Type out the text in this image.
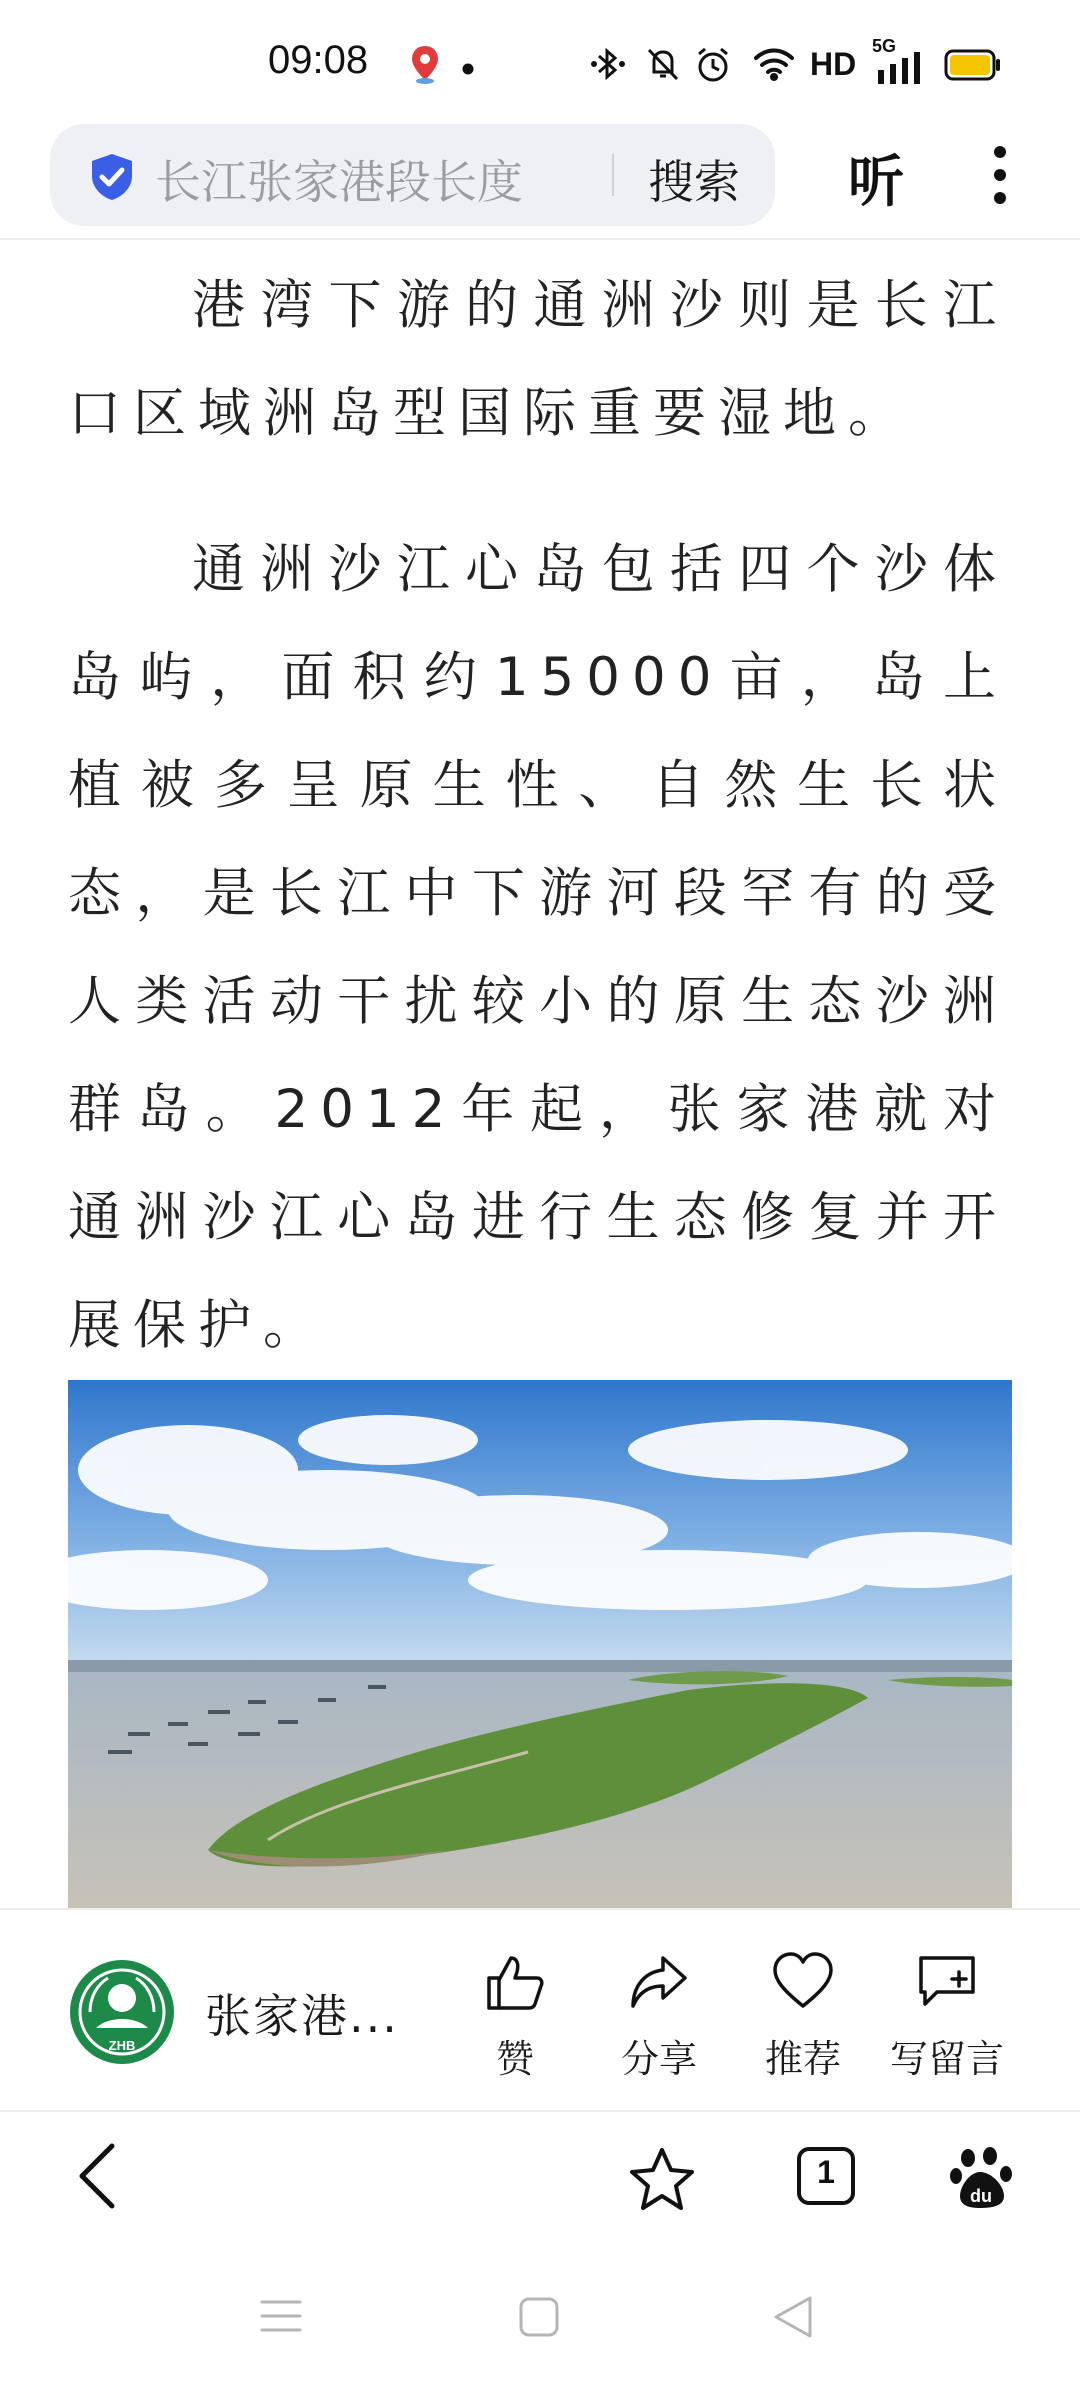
09:08	HD 5G
长江张家港段长度	搜索 听

港湾下游的通洲沙则是长江口区域洲岛型国际重要湿地。

通洲沙江心岛包括四个沙体岛屿，面积约15000亩，岛上植被多呈原生性、自然生长状态，是长江中下游河段罕有的受人类活动干扰较小的原生态沙洲群岛。2012年起，张家港就对通洲沙江心岛进行生态修复并开展保护。

ZHB
张家港...
赞	分享	推荐	写留言
1
du
